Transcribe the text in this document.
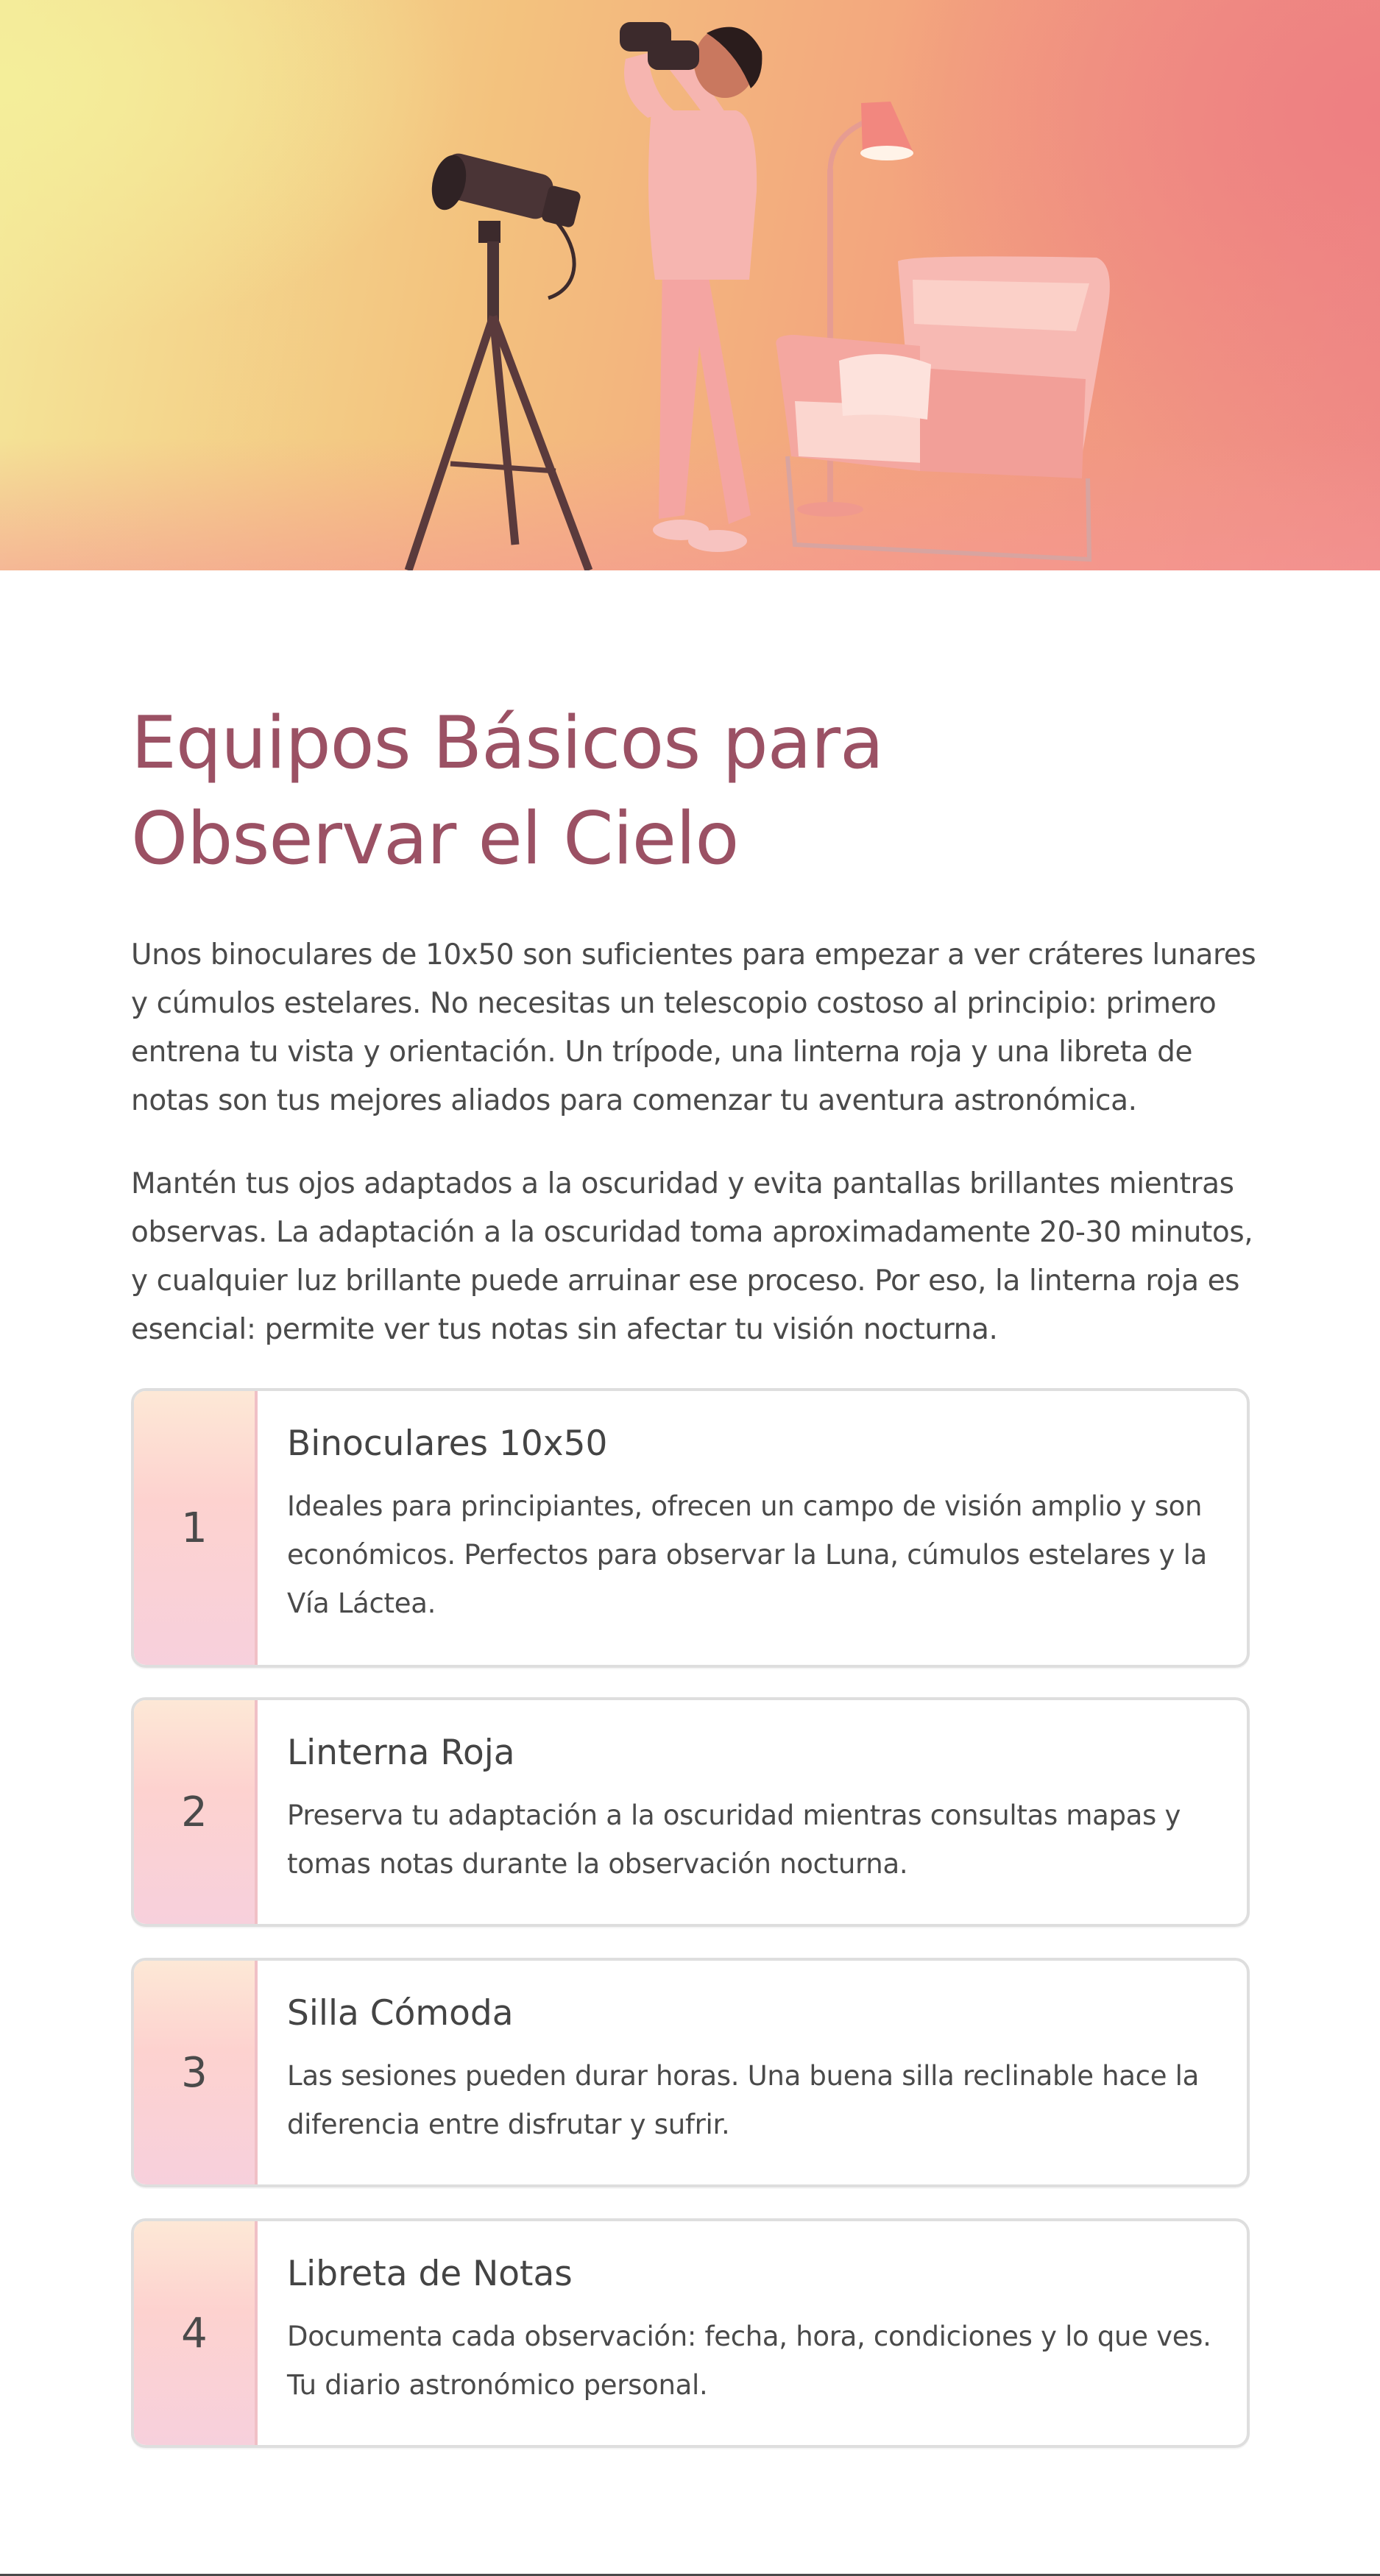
Equipos Básicos para Observar el Cielo

Unos binoculares de 10x50 son suficientes para empezar a ver cráteres lunares y cúmulos estelares. No necesitas un telescopio costoso al principio: primero entrena tu vista y orientación. Un trípode, una linterna roja y una libreta de notas son tus mejores aliados para comenzar tu aventura astronómica.

Mantén tus ojos adaptados a la oscuridad y evita pantallas brillantes mientras observas. La adaptación a la oscuridad toma aproximadamente 20-30 minutos, y cualquier luz brillante puede arruinar ese proceso. Por eso, la linterna roja es esencial: permite ver tus notas sin afectar tu visión nocturna.

1
Binoculares 10x50

Ideales para principiantes, ofrecen un campo de visión amplio y son económicos. Perfectos para observar la Luna, cúmulos estelares y la Vía Láctea.

2
Linterna Roja

Preserva tu adaptación a la oscuridad mientras consultas mapas y tomas notas durante la observación nocturna.

3
Silla Cómoda

Las sesiones pueden durar horas. Una buena silla reclinable hace la diferencia entre disfrutar y sufrir.

4
Libreta de Notas

Documenta cada observación: fecha, hora, condiciones y lo que ves. Tu diario astronómico personal.
